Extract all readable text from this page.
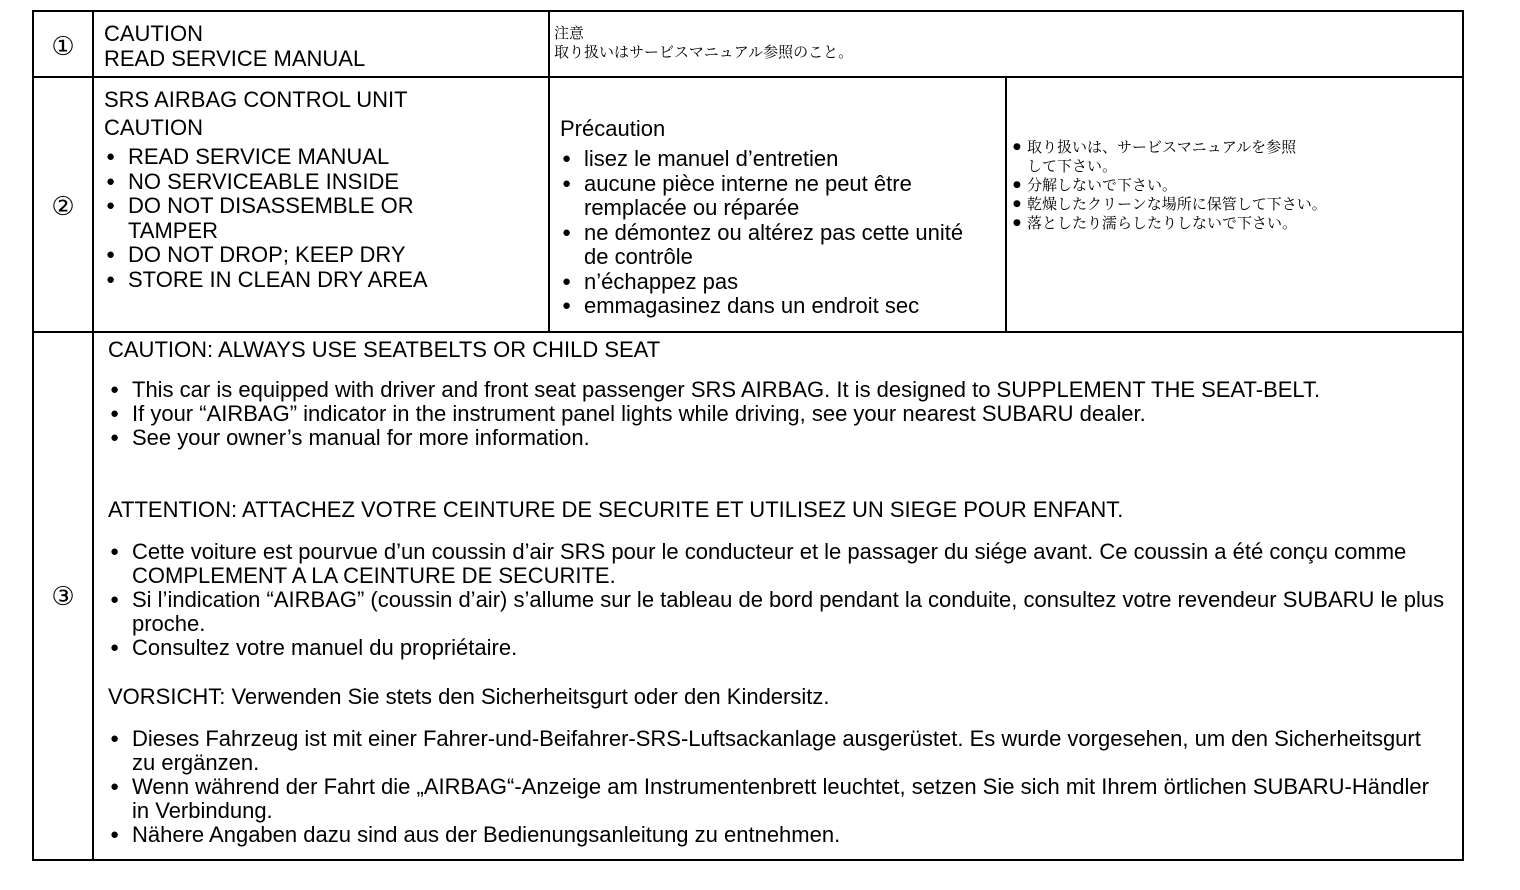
①	CAUTION
READ SERVICE MANUAL
注意
取り扱いはサービスマニュアル参照のこと。
②
SRS AIRBAG CONTROL UNIT
CAUTION
● READ SERVICE MANUAL
● NO SERVICEABLE INSIDE
● DO NOT DISASSEMBLE OR TAMPER
● DO NOT DROP; KEEP DRY
● STORE IN CLEAN DRY AREA
Précaution
● lisez le manuel d’entretien
● aucune pièce interne ne peut être remplacée ou réparée
● ne démontez ou altérez pas cette unité de contrôle
● n’échappez pas
● emmagasinez dans un endroit sec
● 取り扱いは、サービスマニュアルを参照して下さい。
● 分解しないで下さい。
● 乾燥したクリーンな場所に保管して下さい。
● 落としたり濡らしたりしないで下さい。
③
CAUTION: ALWAYS USE SEATBELTS OR CHILD SEAT
● This car is equipped with driver and front seat passenger SRS AIRBAG. It is designed to SUPPLEMENT THE SEAT-BELT.
● If your “AIRBAG” indicator in the instrument panel lights while driving, see your nearest SUBARU dealer.
● See your owner’s manual for more information.
ATTENTION: ATTACHEZ VOTRE CEINTURE DE SECURITE ET UTILISEZ UN SIEGE POUR ENFANT.
● Cette voiture est pourvue d’un coussin d’air SRS pour le conducteur et le passager du siége avant. Ce coussin a été conçu comme COMPLEMENT A LA CEINTURE DE SECURITE.
● Si l’indication “AIRBAG” (coussin d’air) s’allume sur le tableau de bord pendant la conduite, consultez votre revendeur SUBARU le plus proche.
● Consultez votre manuel du propriétaire.
VORSICHT: Verwenden Sie stets den Sicherheitsgurt oder den Kindersitz.
● Dieses Fahrzeug ist mit einer Fahrer-und-Beifahrer-SRS-Luftsackanlage ausgerüstet. Es wurde vorgesehen, um den Sicherheitsgurt zu ergänzen.
● Wenn während der Fahrt die „AIRBAG“-Anzeige am Instrumentenbrett leuchtet, setzen Sie sich mit Ihrem örtlichen SUBARU-Händler in Verbindung.
● Nähere Angaben dazu sind aus der Bedienungsanleitung zu entnehmen.
